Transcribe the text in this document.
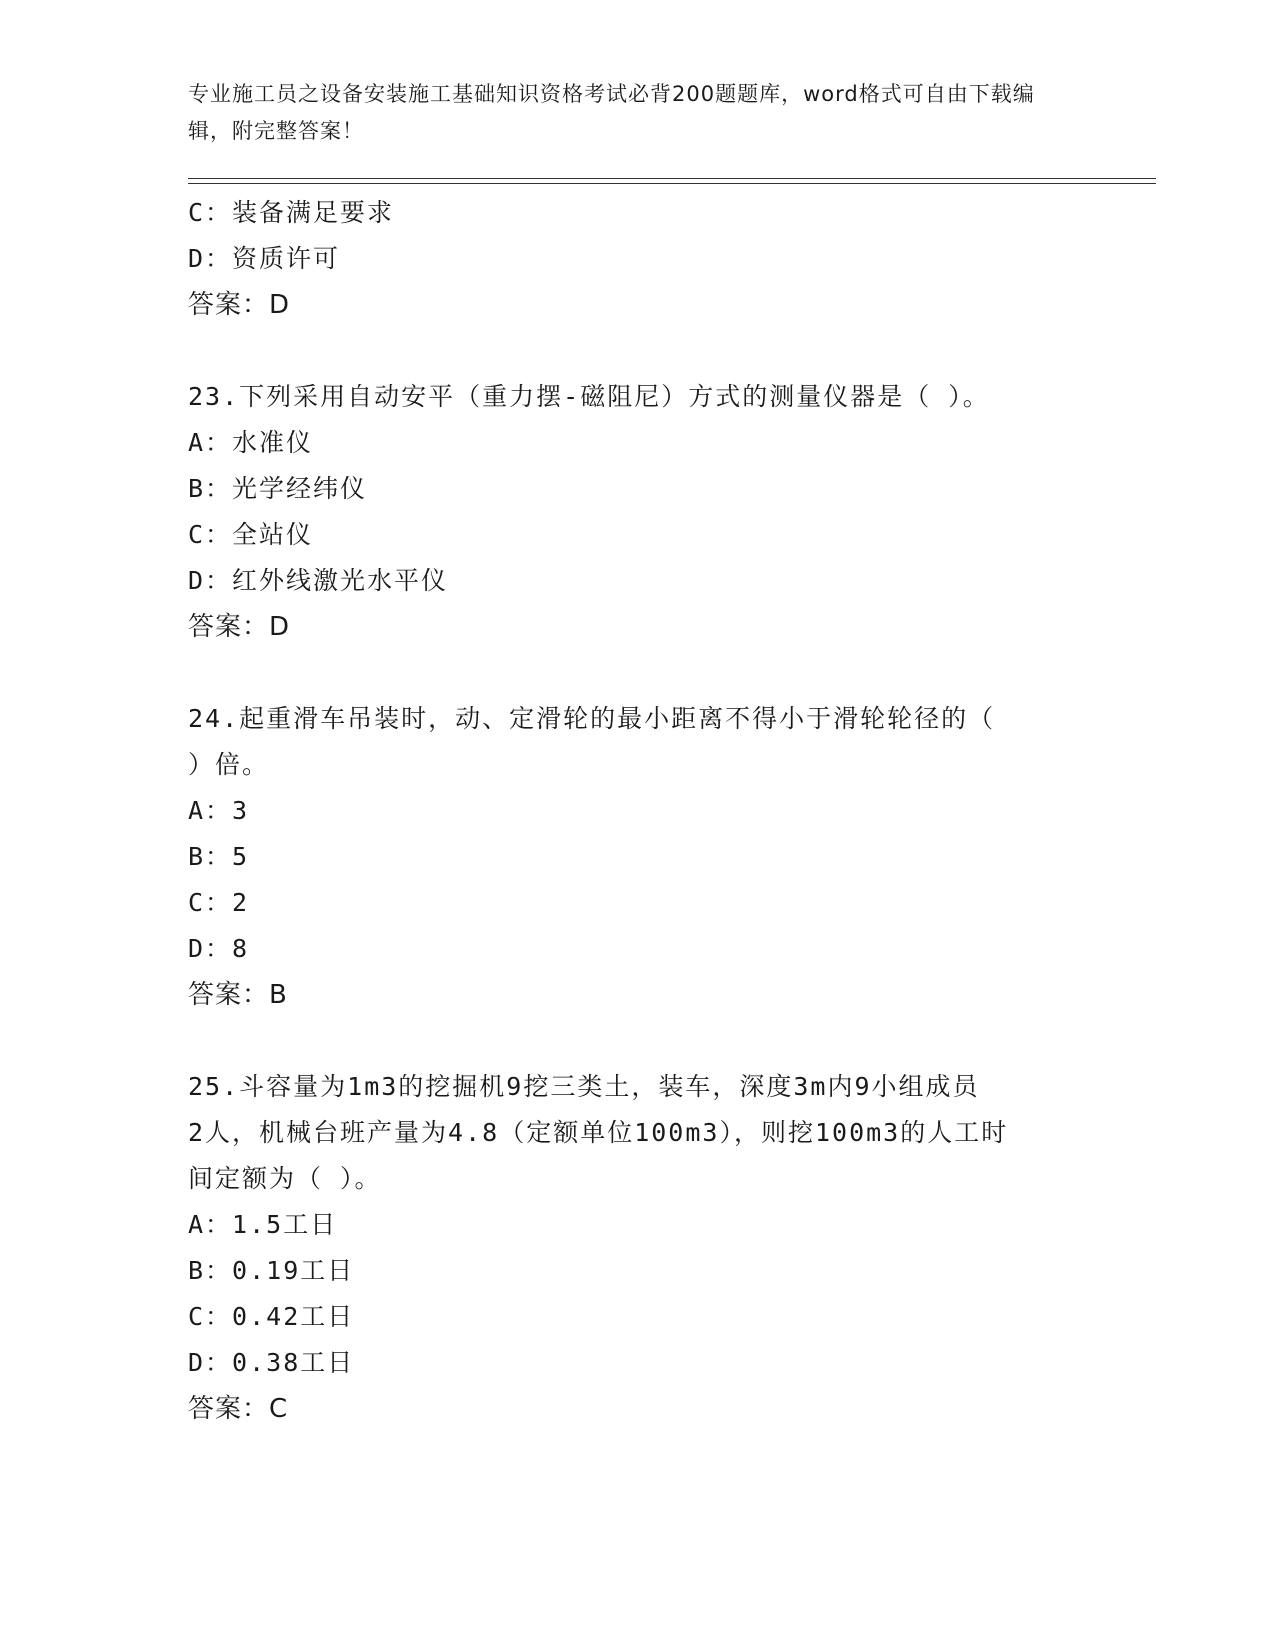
专业施工员之设备安装施工基础知识资格考试必背200题题库，word格式可自由下载编辑，附完整答案！
C：装备满足要求
D：资质许可
答案：D
23.下列采用自动安平（重力摆-磁阻尼）方式的测量仪器是（ ）。
A：水准仪
B：光学经纬仪
C：全站仪
D：红外线激光水平仪
答案：D
24.起重滑车吊装时，动、定滑轮的最小距离不得小于滑轮轮径的（
）倍。
A：3
B：5
C：2
D：8
答案：B
25.斗容量为1m3的挖掘机9挖三类土，装车，深度3m内9小组成员
2人，机械台班产量为4.8（定额单位100m3），则挖100m3的人工时
间定额为（ ）。
A：1.5工日
B：0.19工日
C：0.42工日
D：0.38工日
答案：C
